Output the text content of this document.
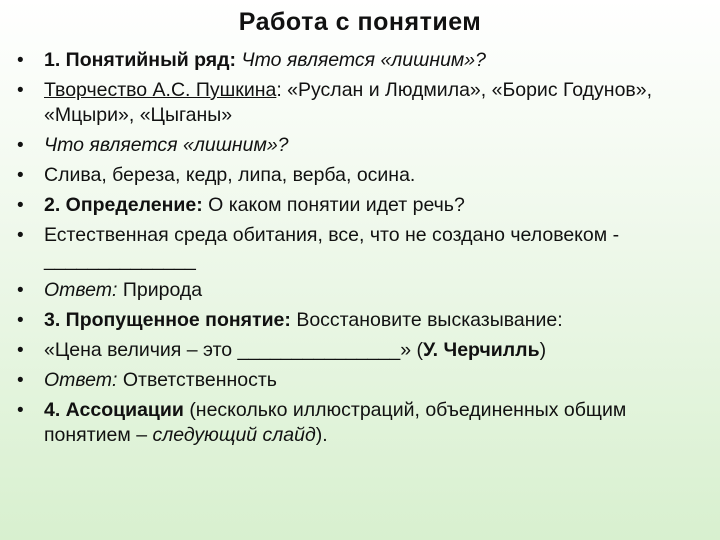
Работа с понятием
• 1. Понятийный ряд: Что является «лишним»?
• Творчество А.С. Пушкина: «Руслан и Людмила», «Борис Годунов», «Мцыри», «Цыганы»
• Что является «лишним»?
• Слива, береза, кедр, липа, верба, осина.
• 2. Определение: О каком понятии идет речь?
• Естественная среда обитания, все, что не создано человеком - ______________
• Ответ: Природа
• 3. Пропущенное понятие: Восстановите высказывание:
• «Цена величия – это _______________» (У. Черчилль)
• Ответ: Ответственность
• 4. Ассоциации (несколько иллюстраций, объединенных общим понятием – следующий слайд).
